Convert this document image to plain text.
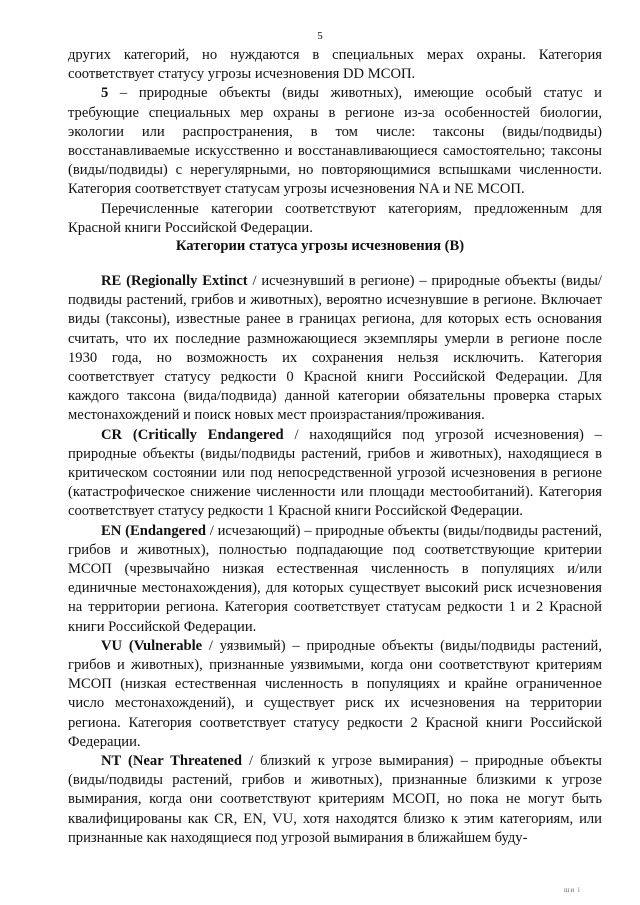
5

других категорий, но нуждаются в специальных мерах охраны. Категория соответствует статусу угрозы исчезновения DD МСОП.

5 – природные объекты (виды животных), имеющие особый статус и требующие специальных мер охраны в регионе из-за особенностей биологии, экологии или распространения, в том числе: таксоны (виды/подвиды) восстанавливаемые искусственно и восстанавливающиеся самостоятельно; таксоны (виды/подвиды) с нерегулярными, но повторяющимися вспышками численности. Категория соответствует статусам угрозы исчезновения NA и NE МСОП.

Перечисленные категории соответствуют категориям, предложенным для Красной книги Российской Федерации.

Категории статуса угрозы исчезновения (В)

RE (Regionally Extinct / исчезнувший в регионе) – природные объекты (виды/подвиды растений, грибов и животных), вероятно исчезнувшие в регионе. Включает виды (таксоны), известные ранее в границах региона, для которых есть основания считать, что их последние размножающиеся экземпляры умерли в регионе после 1930 года, но возможность их сохранения нельзя исключить. Категория соответствует статусу редкости 0 Красной книги Российской Федерации. Для каждого таксона (вида/подвида) данной категории обязательны проверка старых местонахождений и поиск новых мест произрастания/проживания.

CR (Critically Endangered / находящийся под угрозой исчезновения) – природные объекты (виды/подвиды растений, грибов и животных), находящиеся в критическом состоянии или под непосредственной угрозой исчезновения в регионе (катастрофическое снижение численности или площади местообитаний). Категория соответствует статусу редкости 1 Красной книги Российской Федерации.

EN (Endangered / исчезающий) – природные объекты (виды/подвиды растений, грибов и животных), полностью подпадающие под соответствующие критерии МСОП (чрезвычайно низкая естественная численность в популяциях и/или единичные местонахождения), для которых существует высокий риск исчезновения на территории региона. Категория соответствует статусам редкости 1 и 2 Красной книги Российской Федерации.

VU (Vulnerable / уязвимый) – природные объекты (виды/подвиды растений, грибов и животных), признанные уязвимыми, когда они соответствуют критериям МСОП (низкая естественная численность в популяциях и крайне ограниченное число местонахождений), и существует риск их исчезновения на территории региона. Категория соответствует статусу редкости 2 Красной книги Российской Федерации.

NT (Near Threatened / близкий к угрозе вымирания) – природные объекты (виды/подвиды растений, грибов и животных), признанные близкими к угрозе вымирания, когда они соответствуют критериям МСОП, но пока не могут быть квалифицированы как CR, EN, VU, хотя находятся близко к этим категориям, или признанные как находящиеся под угрозой вымирания в ближайшем буду-

ши і
